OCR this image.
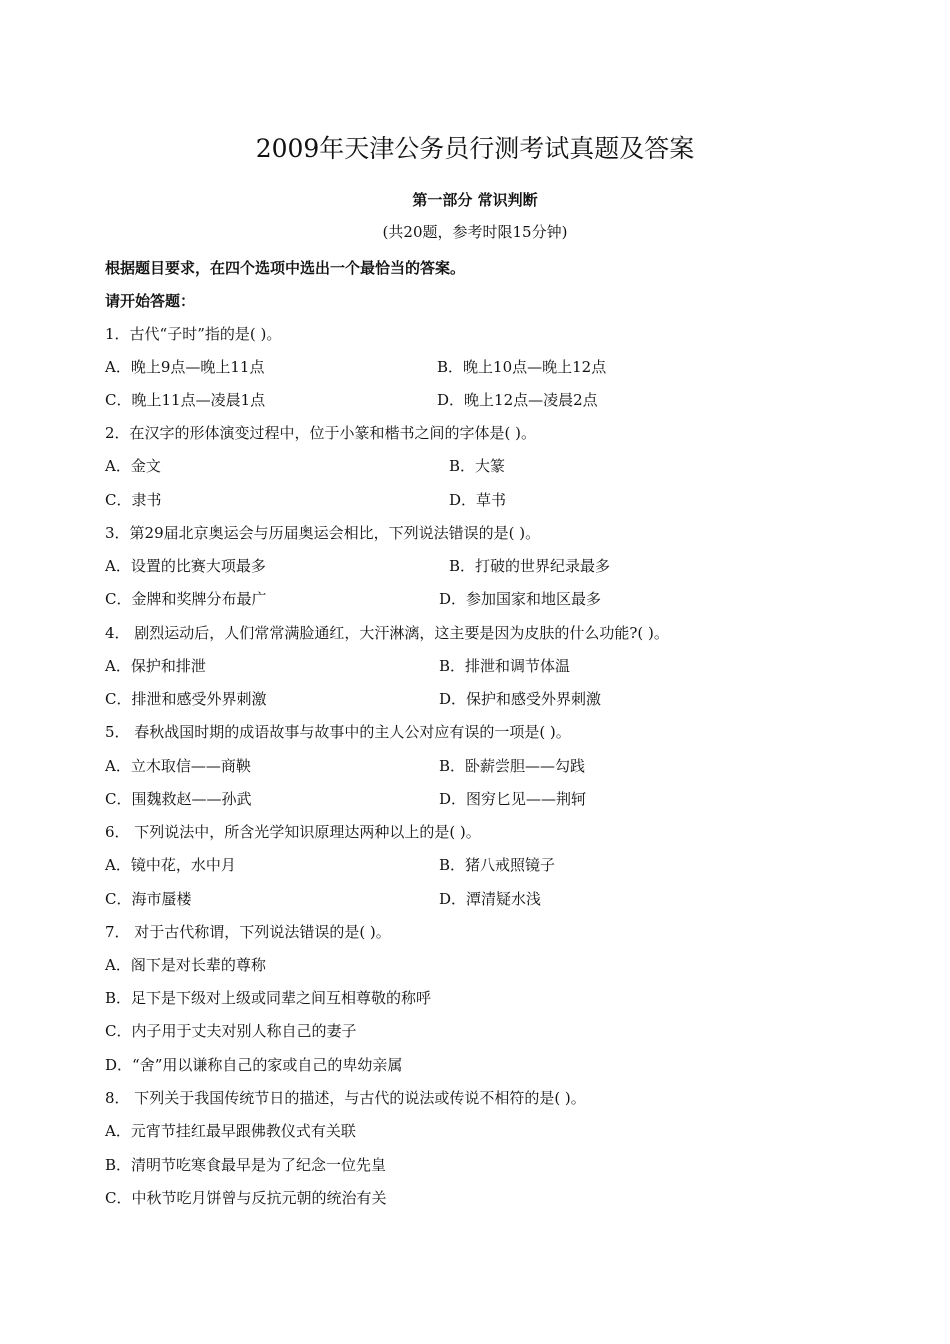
2009年天津公务员行测考试真题及答案
第一部分 常识判断
(共20题，参考时限15分钟)
根据题目要求，在四个选项中选出一个最恰当的答案。
请开始答题：
1．古代“子时”指的是( )。
A．晚上9点—晚上11点	B．晚上10点—晚上12点
C．晚上11点—凌晨1点	D．晚上12点—凌晨2点
2．在汉字的形体演变过程中，位于小篆和楷书之间的字体是( )。
A．金文	B．大篆
C．隶书	D．草书
3．第29届北京奥运会与历届奥运会相比，下列说法错误的是( )。
A．设置的比赛大项最多	B．打破的世界纪录最多
C．金牌和奖牌分布最广	D．参加国家和地区最多
4． 剧烈运动后，人们常常满脸通红，大汗淋漓，这主要是因为皮肤的什么功能?( )。
A．保护和排泄	B．排泄和调节体温
C．排泄和感受外界刺激	D．保护和感受外界刺激
5． 春秋战国时期的成语故事与故事中的主人公对应有误的一项是( )。
A．立木取信——商鞅	B．卧薪尝胆——勾践
C．围魏救赵——孙武	D．图穷匕见——荆轲
6． 下列说法中，所含光学知识原理达两种以上的是( )。
A．镜中花，水中月	B．猪八戒照镜子
C．海市蜃楼	D．潭清疑水浅
7． 对于古代称谓，下列说法错误的是( )。
A．阁下是对长辈的尊称
B．足下是下级对上级或同辈之间互相尊敬的称呼
C．内子用于丈夫对别人称自己的妻子
D．“舍”用以谦称自己的家或自己的卑幼亲属
8． 下列关于我国传统节日的描述，与古代的说法或传说不相符的是( )。
A．元宵节挂红最早跟佛教仪式有关联
B．清明节吃寒食最早是为了纪念一位先皇
C．中秋节吃月饼曾与反抗元朝的统治有关
